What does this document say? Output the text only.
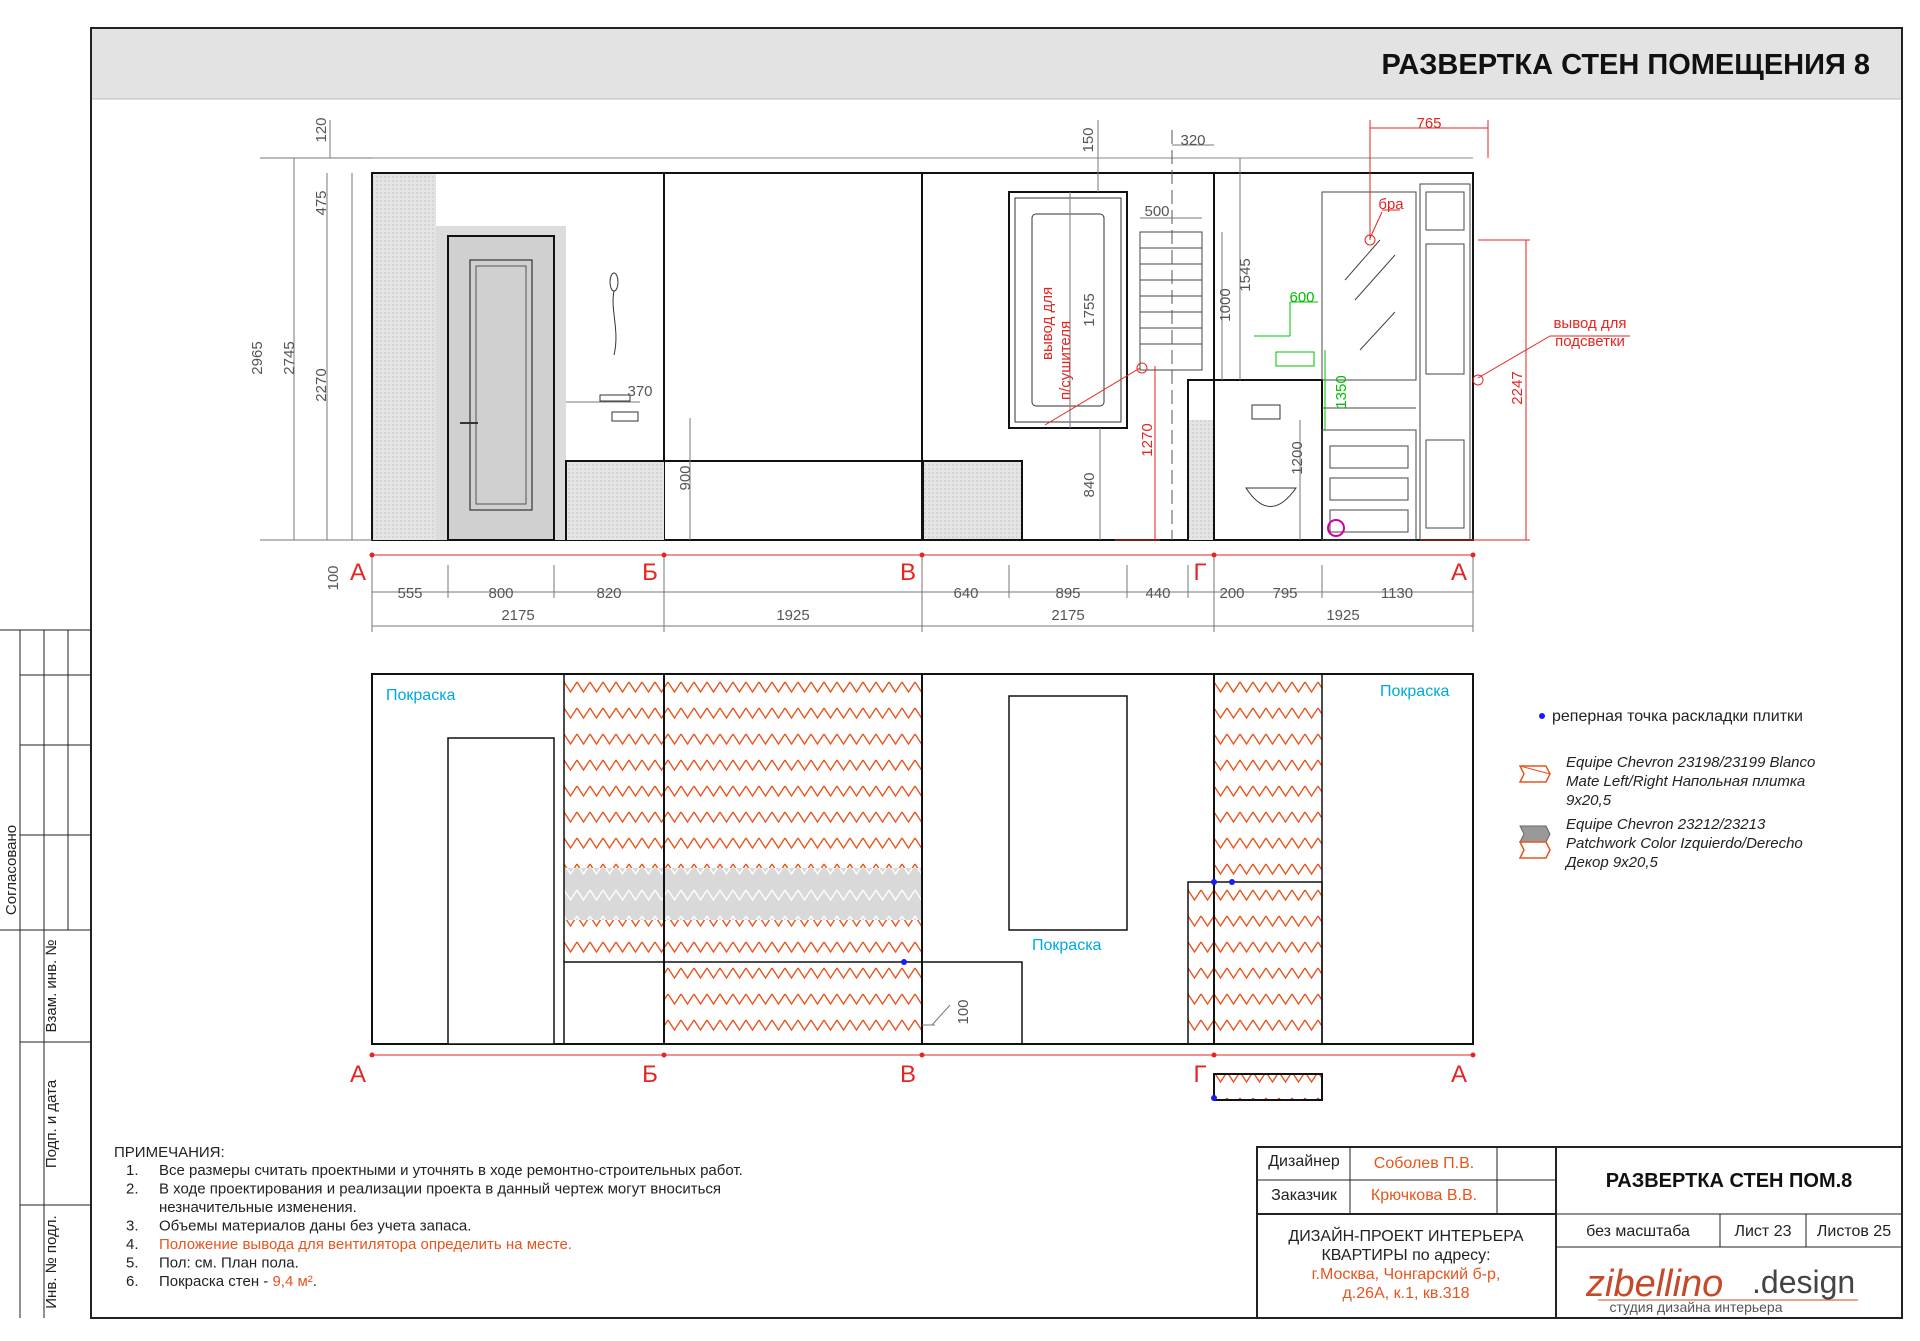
РАЗВЕРТКА СТЕН ПОМЕЩЕНИЯ 8
2965 2745
2270
475
120
100
150	320
500
1545
1000
1755
840
1200
370
900
765
1270
2247
бра
вывод для
подсветки
вывод для п/сушителя
600
1350
555	800	820	640	895	440	200 795	1130
2175	1925	2175	1925
А	Б	В	Г	А
100
Покраска	Покраска
Покраска
А	Б	В	Г	А
реперная точка раскладки плитки
Equipe Chevron 23198/23199 Blanco
Mate Left/Right Напольная плитка
9x20,5
Equipe Chevron 23212/23213
Patchwork Color Izquierdo/Derecho
Декор 9x20,5
ПРИМЕЧАНИЯ:
1. Все размеры считать проектными и уточнять в ходе ремонтно-строительных работ.
2. В ходе проектирования и реализации проекта в данный чертеж могут вноситься
незначительные изменения.
3. Объемы материалов даны без учета запаса.
4. Положение вывода для вентилятора определить на месте.
5. Пол: см. План пола.
6. Покраска стен - 9,4 м².
Согласовано
Взам. инв. №
Подп. и дата
Инв. № подл.
Дизайнер Соболев П.В.
Заказчик Крючкова В.В.
ДИЗАЙН-ПРОЕКТ ИНТЕРЬЕРА
КВАРТИРЫ по адресу:
г.Москва, Чонгарский б-р,
д.26А, к.1, кв.318
РАЗВЕРТКА СТЕН ПОМ.8
без масштаба	Лист 23 Листов 25
zibellino .design
студия дизайна интерьера
